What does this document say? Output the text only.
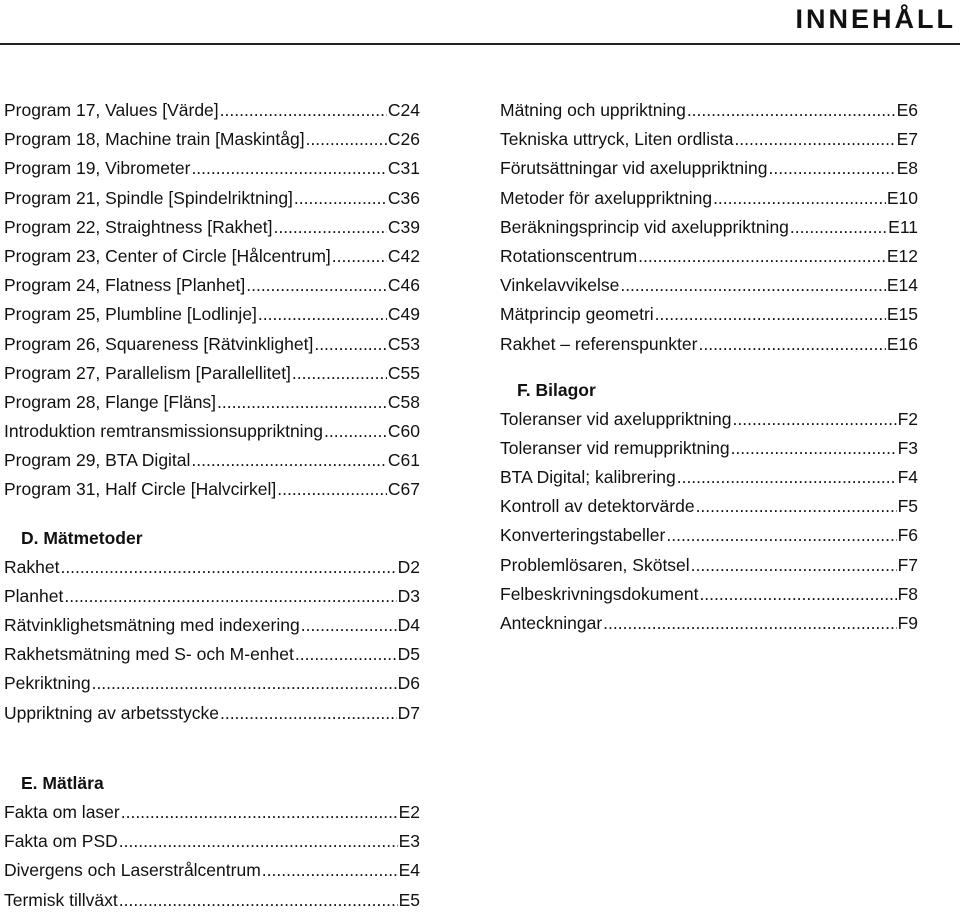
INNEHÅLL
Program 17, Values [Värde] .....	C24
Program 18, Machine train [Maskintåg] .....	C26
Program 19, Vibrometer .....	C31
Program 21, Spindle [Spindelriktning] .....	C36
Program 22, Straightness [Rakhet] .....	C39
Program 23, Center of Circle [Hålcentrum] .....	C42
Program 24, Flatness [Planhet] .....	C46
Program 25, Plumbline [Lodlinje] .....	C49
Program 26, Squareness [Rätvinklighet] .....	C53
Program 27, Parallelism [Parallellitet] .....	C55
Program 28, Flange [Fläns] .....	C58
Introduktion remtransmissionsuppriktning .....	C60
Program 29, BTA Digital .....	C61
Program 31, Half Circle [Halvcirkel] .....	C67
D. Mätmetoder
Rakhet .....	D2
Planhet .....	D3
Rätvinklighetsmätning med indexering .....	D4
Rakhetsmätning med S- och M-enhet .....	D5
Pekriktning .....	D6
Uppriktning av arbetsstycke .....	D7
E. Mätlära
Fakta om laser .....	E2
Fakta om PSD .....	E3
Divergens och Laserstrålcentrum .....	E4
Termisk tillväxt .....	E5
Mätning och uppriktning .....	E6
Tekniska uttryck, Liten ordlista .....	E7
Förutsättningar vid axeluppriktning .....	E8
Metoder för axeluppriktning .....	E10
Beräkningsprincip vid axeluppriktning .....	E11
Rotationscentrum .....	E12
Vinkelavvikelse .....	E14
Mätprincip geometri .....	E15
Rakhet – referenspunkter .....	E16
F. Bilagor
Toleranser vid axeluppriktning .....	F2
Toleranser vid remuppriktning .....	F3
BTA Digital; kalibrering .....	F4
Kontroll av detektorvärde .....	F5
Konverteringstabeller .....	F6
Problemlösaren, Skötsel .....	F7
Felbeskrivningsdokument .....	F8
Anteckningar .....	F9
